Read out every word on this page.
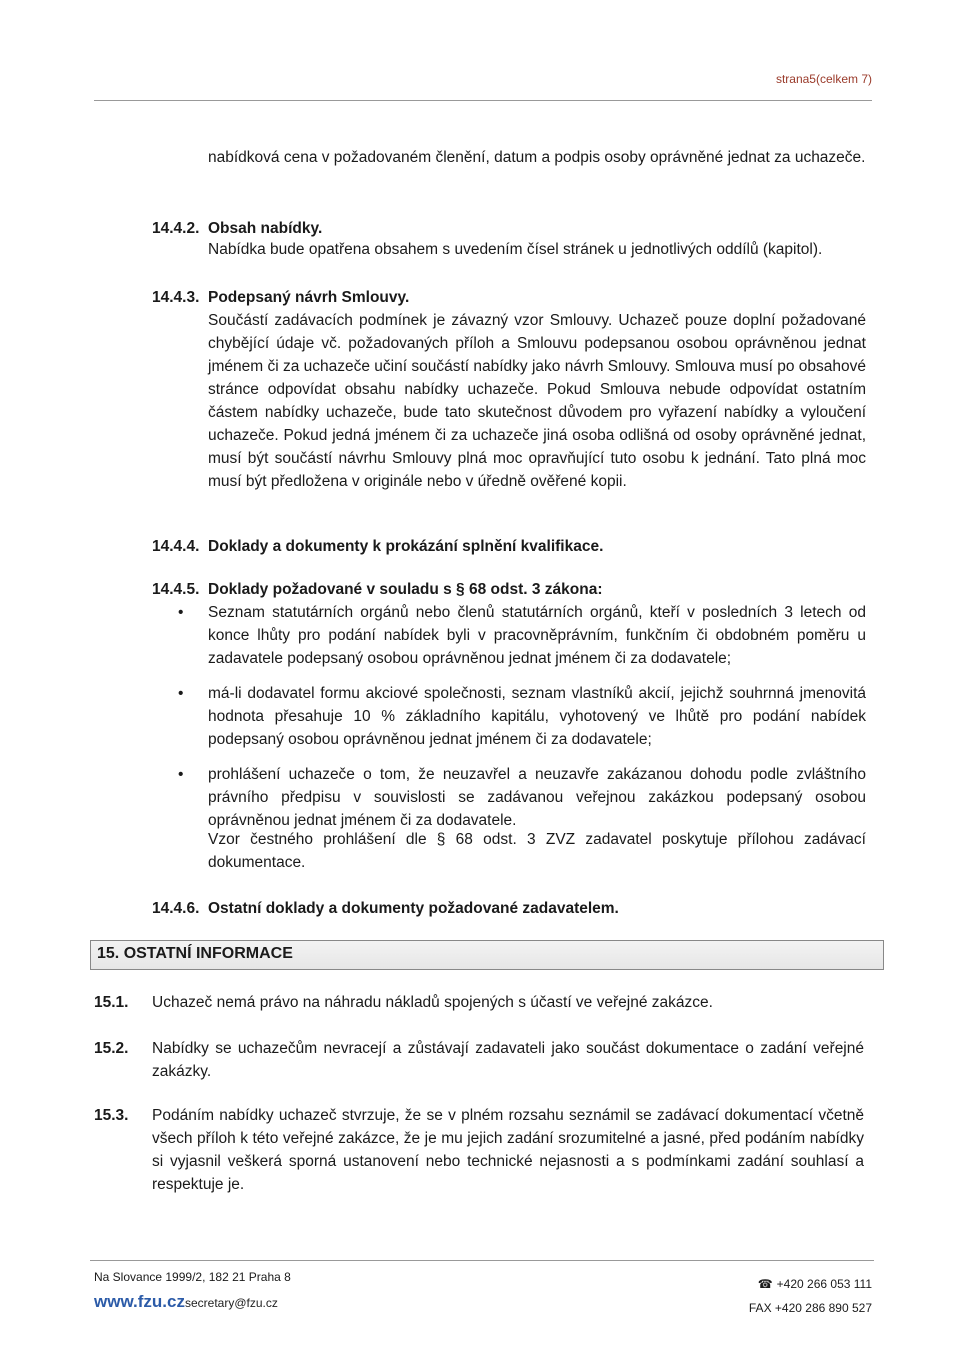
strana5(celkem 7)

nabídková cena v požadovaném členění, datum a podpis osoby oprávněné jednat za uchazeče.

14.4.2. Obsah nabídky.

Nabídka bude opatřena obsahem s uvedením čísel stránek u jednotlivých oddílů (kapitol).

14.4.3. Podepsaný návrh Smlouvy.

Součástí zadávacích podmínek je závazný vzor Smlouvy. Uchazeč pouze doplní požadované chybějící údaje vč. požadovaných příloh a Smlouvu podepsanou osobou oprávněnou jednat jménem či za uchazeče učiní součástí nabídky jako návrh Smlouvy. Smlouva musí po obsahové stránce odpovídat obsahu nabídky uchazeče. Pokud Smlouva nebude odpovídat ostatním částem nabídky uchazeče, bude tato skutečnost důvodem pro vyřazení nabídky a vyloučení uchazeče. Pokud jedná jménem či za uchazeče jiná osoba odlišná od osoby oprávněné jednat, musí být součástí návrhu Smlouvy plná moc opravňující tuto osobu k jednání. Tato plná moc musí být předložena v originále nebo v úředně ověřené kopii.

14.4.4. Doklady a dokumenty k prokázání splnění kvalifikace.
14.4.5. Doklady požadované v souladu s § 68 odst. 3 zákona:
• Seznam statutárních orgánů nebo členů statutárních orgánů, kteří v posledních 3 letech od konce lhůty pro podání nabídek byli v pracovněprávním, funkčním či obdobném poměru u zadavatele podepsaný osobou oprávněnou jednat jménem či za dodavatele;
• má-li dodavatel formu akciové společnosti, seznam vlastníků akcií, jejichž souhrnná jmenovitá hodnota přesahuje 10 % základního kapitálu, vyhotovený ve lhůtě pro podání nabídek podepsaný osobou oprávněnou jednat jménem či za dodavatele;
• prohlášení uchazeče o tom, že neuzavřel a neuzavře zakázanou dohodu podle zvláštního právního předpisu v souvislosti se zadávanou veřejnou zakázkou podepsaný osobou oprávněnou jednat jménem či za dodavatele.

Vzor čestného prohlášení dle § 68 odst. 3 ZVZ zadavatel poskytuje přílohou zadávací dokumentace.

14.4.6. Ostatní doklady a dokumenty požadované zadavatelem.
15. OSTATNÍ INFORMACE
15.1. Uchazeč nemá právo na náhradu nákladů spojených s účastí ve veřejné zakázce.

15.2. Nabídky se uchazečům nevracejí a zůstávají zadavateli jako součást dokumentace o zadání veřejné zakázky.

15.3. Podáním nabídky uchazeč stvrzuje, že se v plném rozsahu seznámil se zadávací dokumentací včetně všech příloh k této veřejné zakázce, že je mu jejich zadání srozumitelné a jasné, před podáním nabídky si vyjasnil veškerá sporná ustanovení nebo technické nejasnosti a s podmínkami zadání souhlasí a respektuje je.

Na Slovance 1999/2, 182 21 Praha 8
www.fzu.czsecretary@fzu.cz
☎ +420 266 053 111
FAX +420 286 890 527
